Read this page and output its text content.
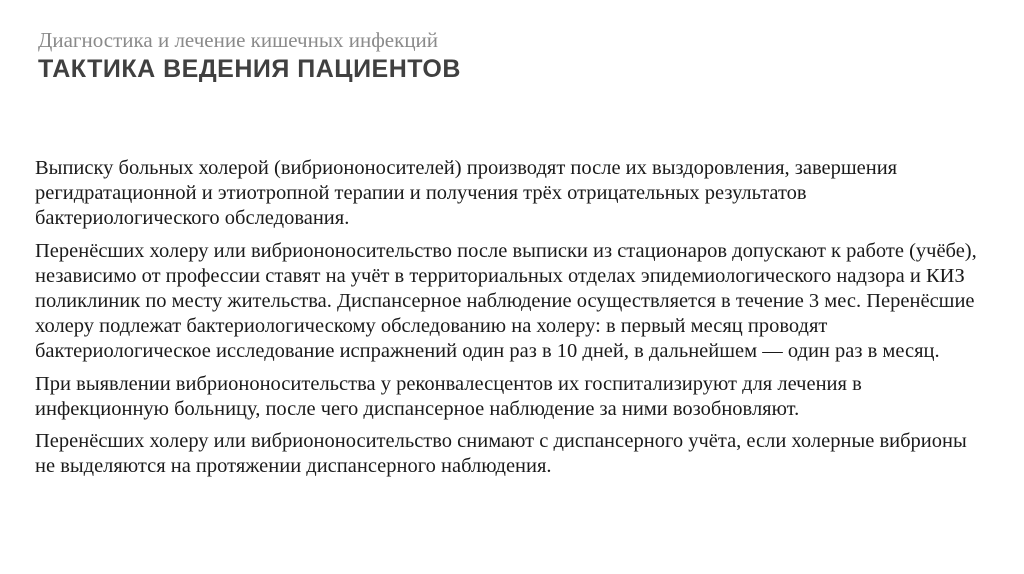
Диагностика и лечение кишечных инфекций

ТАКТИКА ВЕДЕНИЯ ПАЦИЕНТОВ

Выписку больных холерой (вибриононосителей) производят после их выздоровления, завершения регидратационной и этиотропной терапии и получения трёх отрицательных результатов бактериологического обследования.

Перенёсших холеру или вибриононосительство после выписки из стационаров допускают к работе (учёбе), независимо от профессии ставят на учёт в территориальных отделах эпидемиологического надзора и КИЗ поликлиник по месту жительства. Диспансерное наблюдение осуществляется в течение 3 мес. Перенёсшие холеру подлежат бактериологическому обследованию на холеру: в первый месяц проводят бактериологическое исследование испражнений один раз в 10 дней, в дальнейшем — один раз в месяц.

При выявлении вибриононосительства у реконвалесцентов их госпитализируют для лечения в инфекционную больницу, после чего диспансерное наблюдение за ними возобновляют.

Перенёсших холеру или вибриононосительство снимают с диспансерного учёта, если холерные вибрионы не выделяются на протяжении диспансерного наблюдения.
